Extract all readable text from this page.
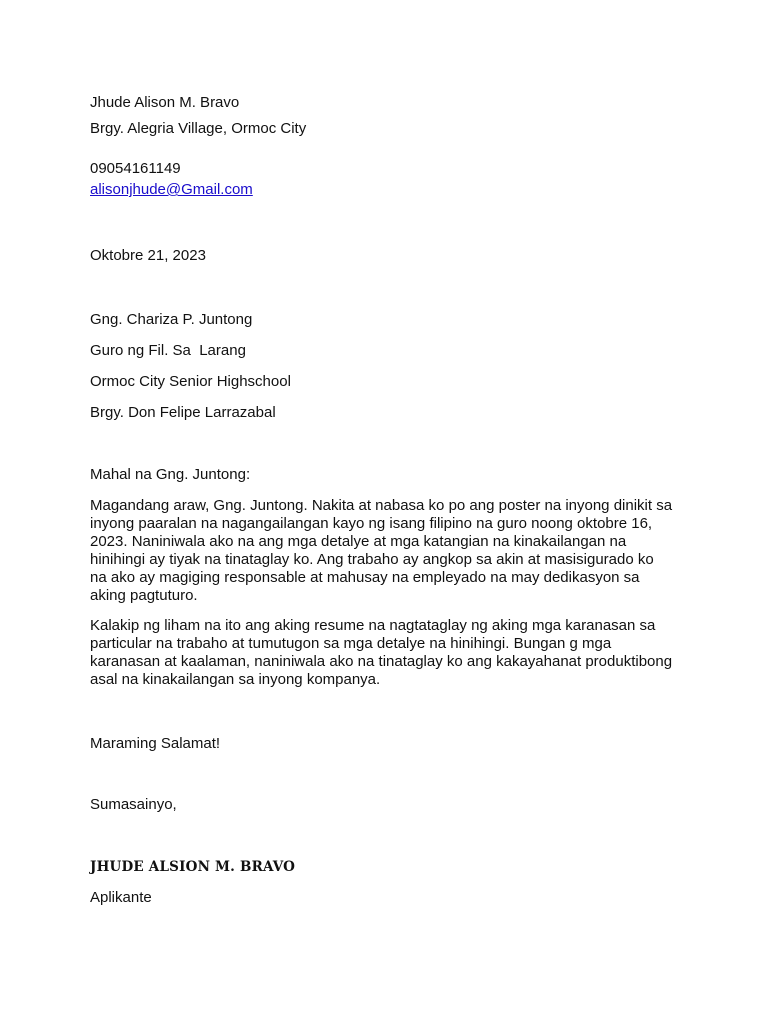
Jhude Alison M. Bravo
Brgy. Alegria Village, Ormoc City
09054161149
alisonjhude@Gmail.com
Oktobre 21, 2023
Gng. Chariza P. Juntong
Guro ng Fil. Sa  Larang
Ormoc City Senior Highschool
Brgy. Don Felipe Larrazabal
Mahal na Gng. Juntong:
Magandang araw, Gng. Juntong. Nakita at nabasa ko po ang poster na inyong dinikit sa
inyong paaralan na nagangailangan kayo ng isang filipino na guro noong oktobre 16,
2023. Naniniwala ako na ang mga detalye at mga katangian na kinakailangan na
hinihingi ay tiyak na tinataglay ko. Ang trabaho ay angkop sa akin at masisigurado ko
na ako ay magiging responsable at mahusay na empleyado na may dedikasyon sa
aking pagtuturo.
Kalakip ng liham na ito ang aking resume na nagtataglay ng aking mga karanasan sa
particular na trabaho at tumutugon sa mga detalye na hinihingi. Bungan g mga
karanasan at kaalaman, naniniwala ako na tinataglay ko ang kakayahanat produktibong
asal na kinakailangan sa inyong kompanya.
Maraming Salamat!
Sumasainyo,
JHUDE ALSION M. BRAVO
Aplikante
